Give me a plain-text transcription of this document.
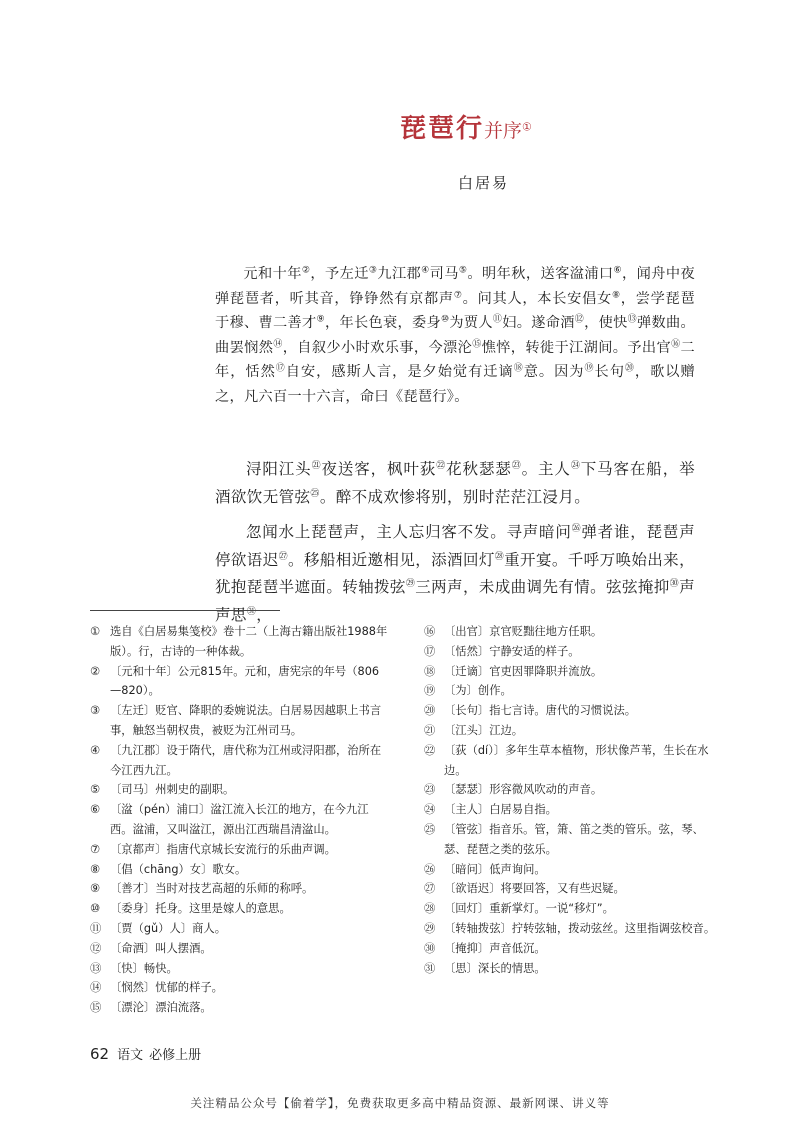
琵琶行并序①
白居易

元和十年②，予左迁③九江郡④司马⑤。明年秋，送客湓浦口⑥，闻舟中夜弹琵琶者，听其音，铮铮然有京都声⑦。问其人，本长安倡女⑧，尝学琵琶于穆、曹二善才⑨，年长色衰，委身⑩为贾人⑪妇。遂命酒⑫，使快⑬弹数曲。曲罢悯然⑭，自叙少小时欢乐事，今漂沦⑮憔悴，转徙于江湖间。予出官⑯二年，恬然⑰自安，感斯人言，是夕始觉有迁谪⑱意。因为⑲长句⑳，歌以赠之，凡六百一十六言，命曰《琵琶行》。

浔阳江头$^㉑$夜送客，枫叶荻$^㉒$花秋瑟瑟$^㉓$。主人$^㉔$下马客在船，举酒欲饮无管弦$^㉕$。醉不成欢惨将别，别时茫茫江浸月。

忽闻水上琵琶声，主人忘归客不发。寻声暗问$^㉖$弹者谁，琵琶声停欲语迟$^㉗$。移船相近邀相见，添酒回灯$^㉘$重开宴。千呼万唤始出来，犹抱琵琶半遮面。转轴拨弦$^㉙$三两声，未成曲调先有情。弦弦掩抑$^㉚$声声思$^㉛$，

① 选自《白居易集笺校》卷十二（上海古籍出版社1988年版）。行，古诗的一种体裁。
② 〔元和十年〕公元815年。元和，唐宪宗的年号（806—820）。
③ 〔左迁〕贬官、降职的委婉说法。白居易因越职上书言事，触怒当朝权贵，被贬为江州司马。
④ 〔九江郡〕设于隋代，唐代称为江州或浔阳郡，治所在今江西九江。
⑤ 〔司马〕州刺史的副职。
⑥ 〔湓（pén）浦口〕湓江流入长江的地方，在今九江西。湓浦，又叫湓江，源出江西瑞昌清湓山。
⑦ 〔京都声〕指唐代京城长安流行的乐曲声调。
⑧ 〔倡（chāng）女〕歌女。
⑨ 〔善才〕当时对技艺高超的乐师的称呼。
⑩ 〔委身〕托身。这里是嫁人的意思。
⑪ 〔贾（gǔ）人〕商人。
⑫ 〔命酒〕叫人摆酒。
⑬ 〔快〕畅快。
⑭ 〔悯然〕忧郁的样子。
⑮ 〔漂沦〕漂泊流落。
⑯ 〔出官〕京官贬黜往地方任职。
⑰ 〔恬然〕宁静安适的样子。
⑱ 〔迁谪〕官吏因罪降职并流放。
⑲ 〔为〕创作。
⑳ 〔长句〕指七言诗。唐代的习惯说法。
㉑ 〔江头〕江边。
㉒ 〔荻（dí）〕多年生草本植物，形状像芦苇，生长在水边。
㉓ 〔瑟瑟〕形容微风吹动的声音。
㉔ 〔主人〕白居易自指。
㉕ 〔管弦〕指音乐。管，箫、笛之类的管乐。弦，琴、瑟、琵琶之类的弦乐。
㉖ 〔暗问〕低声询问。
㉗ 〔欲语迟〕将要回答，又有些迟疑。
㉘ 〔回灯〕重新掌灯。一说“移灯”。
㉙ 〔转轴拨弦〕拧转弦轴，拨动弦丝。这里指调弦校音。
㉚ 〔掩抑〕声音低沉。
㉛ 〔思〕深长的情思。
62 语文 必修上册
关注精品公众号【偷着学】，免费获取更多高中精品资源、最新网课、讲义等
